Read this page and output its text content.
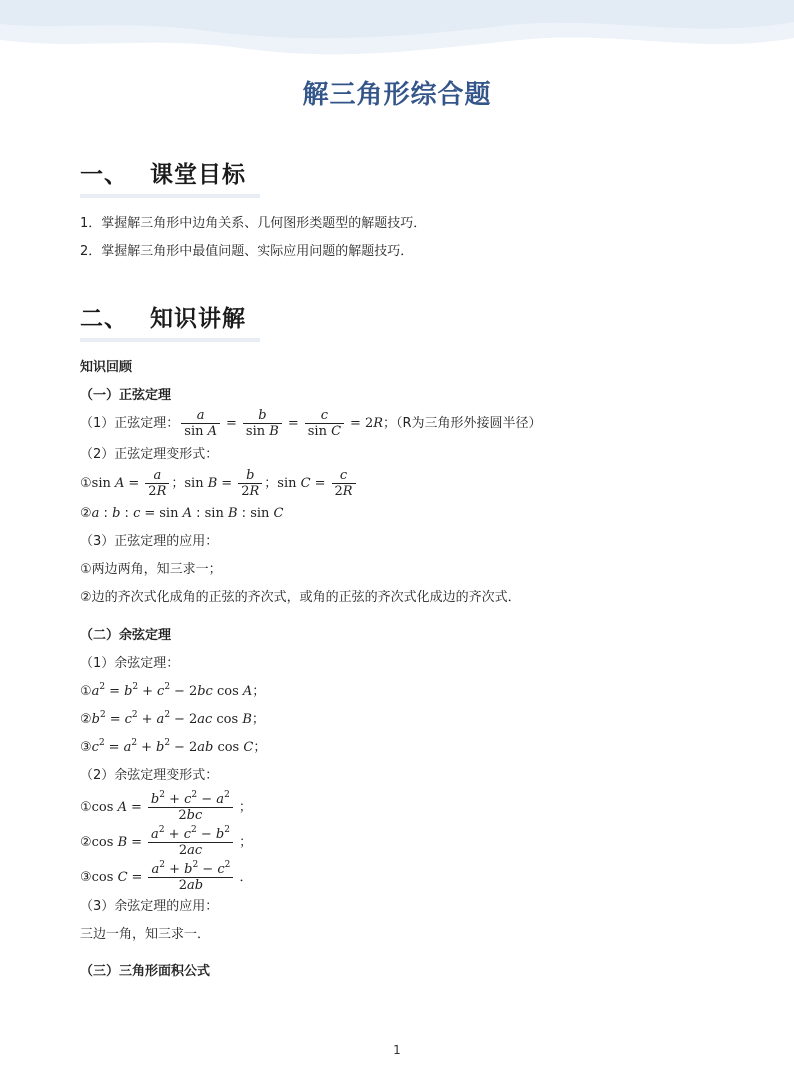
解三角形综合题
一、 课堂目标
1．掌握解三角形中边角关系、几何图形类题型的解题技巧．
2．掌握解三角形中最值问题、实际应用问题的解题技巧．
二、 知识讲解
知识回顾
（一）正弦定理
（1）正弦定理： $\frac{a}{\text{sin A}} = \frac{b}{\text{sin B}} = \frac{c}{\text{sin C}} = 2R$；（R为三角形外接圆半径）
（2）正弦定理变形式：
①sin $A = \frac{a}{2R}$ ；$\sin B = \frac{b}{2R}$ ；$\sin C = \frac{c}{2R}$
②a : b : c = sin A : sin B : sin C
（3）正弦定理的应用：
①两边两角，知三求一；
②边的齐次式化成角的正弦的齐次式，或角的正弦的齐次式化成边的齐次式．
（二）余弦定理
（1）余弦定理：
$①a^2 = b^2 + c^2 - 2bc$ cos A；
$②b^2 = c^2 + a^2 - 2ac$ cos B；
$③c^2 = a^2 + b^2 - 2ab$ cos C；
（2）余弦定理变形式：
①cos $A = \frac{b^2 + c^2 - a^2}{2bc}$ ；
②cos $B = \frac{a^2 + c^2 - b^2}{2ac}$ ；
③cos $C = \frac{a^2 + b^2 - c^2}{2ab}$ ．
（3）余弦定理的应用：
三边一角，知三求一．
（三）三角形面积公式
1
